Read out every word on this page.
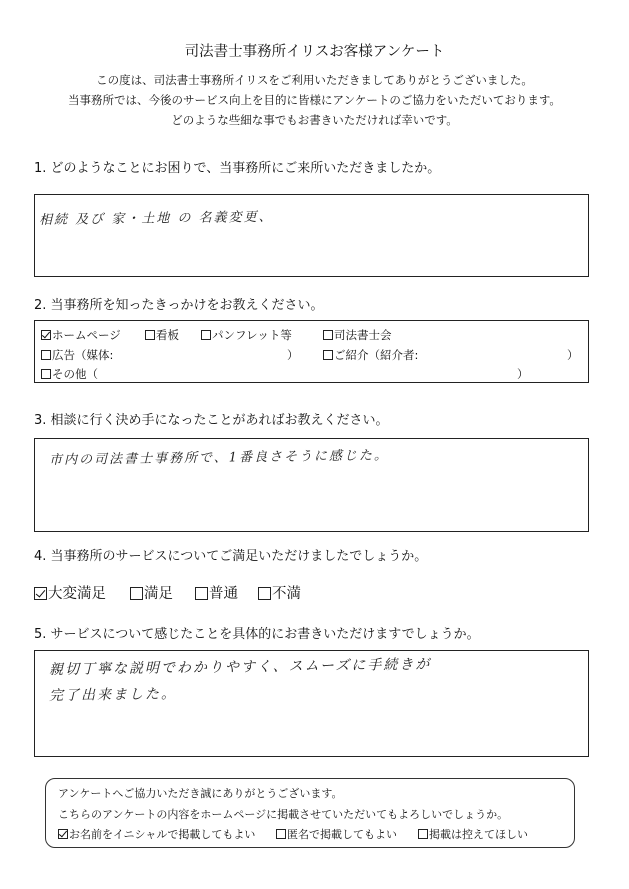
司法書士事務所イリスお客様アンケート
この度は、司法書士事務所イリスをご利用いただきましてありがとうございました。
当事務所では、今後のサービス向上を目的に皆様にアンケートのご協力をいただいております。
どのような些細な事でもお書きいただければ幸いです。
1. どのようなことにお困りで、当事務所にご来所いただきましたか。
相続 及び 家・土地 の 名義変更、
2. 当事務所を知ったきっかけをお教えください。
ホームページ	看板	パンフレット等	司法書士会
広告（媒体:	）	ご紹介（紹介者:	）
その他（	）
3. 相談に行く決め手になったことがあればお教えください。
市内の司法書士事務所で、1番良さそうに感じた。
4. 当事務所のサービスについてご満足いただけましたでしょうか。
大変満足	満足	普通	不満
5. サービスについて感じたことを具体的にお書きいただけますでしょうか。
親切丁寧な説明でわかりやすく、スムーズに手続きが
完了出来ました。
アンケートへご協力いただき誠にありがとうございます。
こちらのアンケートの内容をホームページに掲載させていただいてもよろしいでしょうか。
お名前をイニシャルで掲載してもよい	匿名で掲載してもよい	掲載は控えてほしい
